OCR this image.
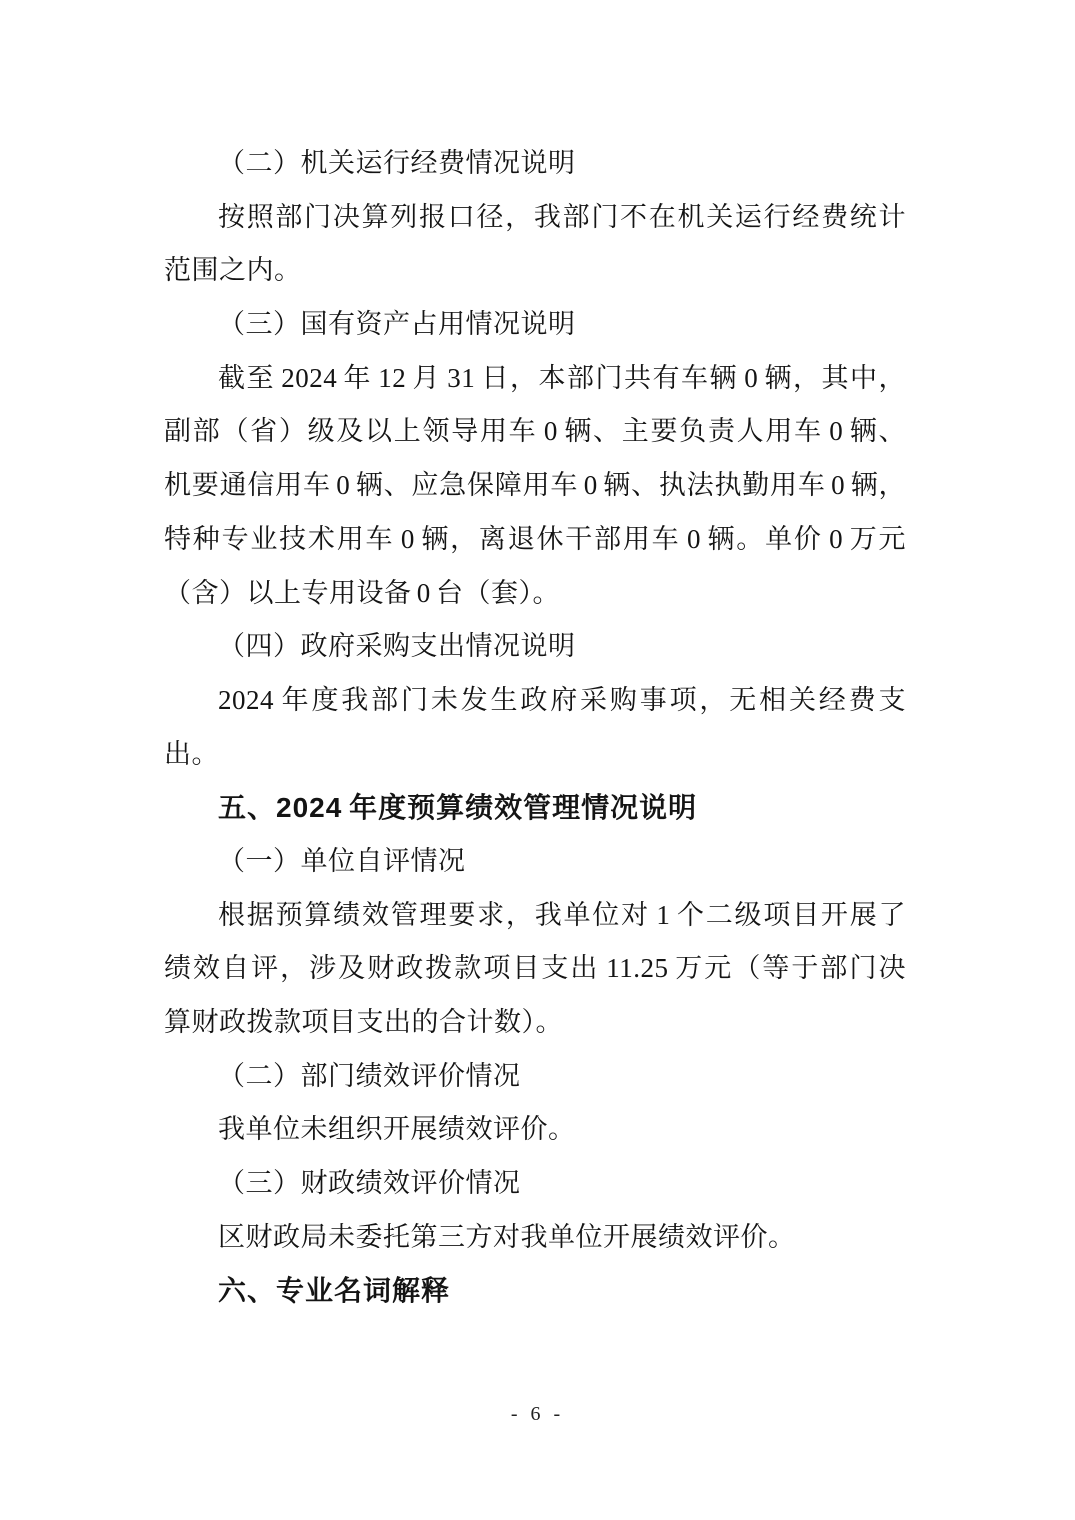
（二）机关运行经费情况说明
按照部门决算列报口径，我部门不在机关运行经费统计
范围之内。
（三）国有资产占用情况说明
截至 2024 年 12 月 31 日，本部门共有车辆 0 辆，其中，
副部（省）级及以上领导用车 0 辆、主要负责人用车 0 辆、
机要通信用车 0 辆、应急保障用车 0 辆、执法执勤用车 0 辆，
特种专业技术用车 0 辆，离退休干部用车 0 辆。单价 0 万元
（含）以上专用设备 0 台（套）。
（四）政府采购支出情况说明
2024 年度我部门未发生政府采购事项，无相关经费支
出。
五、2024 年度预算绩效管理情况说明
（一）单位自评情况
根据预算绩效管理要求，我单位对 1 个二级项目开展了
绩效自评，涉及财政拨款项目支出 11.25 万元（等于部门决
算财政拨款项目支出的合计数）。
（二）部门绩效评价情况
我单位未组织开展绩效评价。
（三）财政绩效评价情况
区财政局未委托第三方对我单位开展绩效评价。
六、专业名词解释
- 6 -
